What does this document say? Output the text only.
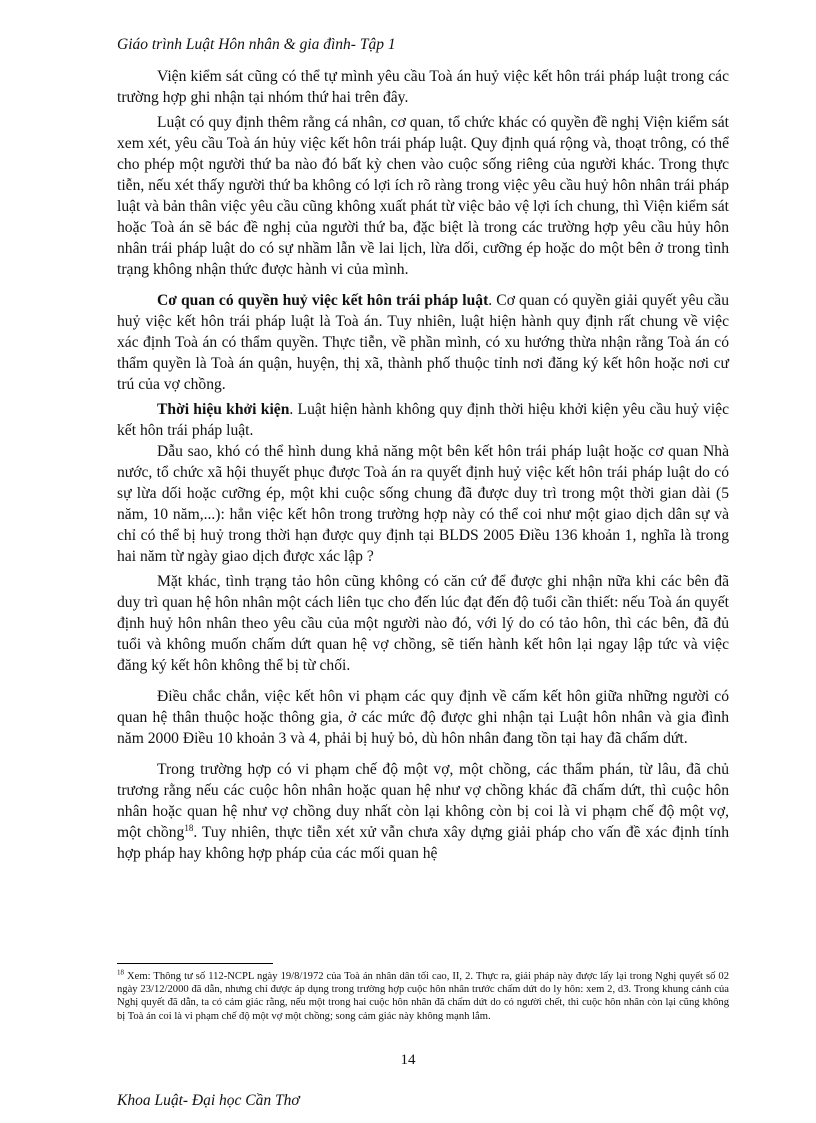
Giáo trình Luật Hôn nhân & gia đình- Tập 1

Viện kiểm sát cũng có thể tự mình yêu cầu Toà án huỷ việc kết hôn trái pháp luật trong các trường hợp ghi nhận tại nhóm thứ hai trên đây.

Luật có quy định thêm rằng cá nhân, cơ quan, tổ chức khác có quyền đề nghị Viện kiểm sát xem xét, yêu cầu Toà án hủy việc kết hôn trái pháp luật. Quy định quá rộng và, thoạt trông, có thể cho phép một người thứ ba nào đó bất kỳ chen vào cuộc sống riêng của người khác. Trong thực tiễn, nếu xét thấy người thứ ba không có lợi ích rõ ràng trong việc yêu cầu huỷ hôn nhân trái pháp luật và bản thân việc yêu cầu cũng không xuất phát từ việc bảo vệ lợi ích chung, thì Viện kiểm sát hoặc Toà án sẽ bác đề nghị của người thứ ba, đặc biệt là trong các trường hợp yêu cầu hủy hôn nhân trái pháp luật do có sự nhầm lẫn về lai lịch, lừa dối, cưỡng ép hoặc do một bên ở trong tình trạng không nhận thức được hành vi của mình.

Cơ quan có quyền huỷ việc kết hôn trái pháp luật. Cơ quan có quyền giải quyết yêu cầu huỷ việc kết hôn trái pháp luật là Toà án. Tuy nhiên, luật hiện hành quy định rất chung về việc xác định Toà án có thẩm quyền. Thực tiễn, về phần mình, có xu hướng thừa nhận rằng Toà án có thẩm quyền là Toà án quận, huyện, thị xã, thành phố thuộc tỉnh nơi đăng ký kết hôn hoặc nơi cư trú của vợ chồng.

Thời hiệu khởi kiện. Luật hiện hành không quy định thời hiệu khởi kiện yêu cầu huỷ việc kết hôn trái pháp luật.

Dẫu sao, khó có thể hình dung khả năng một bên kết hôn trái pháp luật hoặc cơ quan Nhà nước, tổ chức xã hội thuyết phục được Toà án ra quyết định huỷ việc kết hôn trái pháp luật do có sự lừa dối hoặc cưỡng ép, một khi cuộc sống chung đã được duy trì trong một thời gian dài (5 năm, 10 năm,...): hẳn việc kết hôn trong trường hợp này có thể coi như một giao dịch dân sự và chỉ có thể bị huỷ trong thời hạn được quy định tại BLDS 2005 Điều 136 khoản 1, nghĩa là trong hai năm từ ngày giao dịch được xác lập ?

Mặt khác, tình trạng tảo hôn cũng không có căn cứ để được ghi nhận nữa khi các bên đã duy trì quan hệ hôn nhân một cách liên tục cho đến lúc đạt đến độ tuổi cần thiết: nếu Toà án quyết định huỷ hôn nhân theo yêu cầu của một người nào đó, với lý do có tảo hôn, thì các bên, đã đủ tuổi và không muốn chấm dứt quan hệ vợ chồng, sẽ tiến hành kết hôn lại ngay lập tức và việc đăng ký kết hôn không thể bị từ chối.

Điều chắc chắn, việc kết hôn vi phạm các quy định về cấm kết hôn giữa những người có quan hệ thân thuộc hoặc thông gia, ở các mức độ được ghi nhận tại Luật hôn nhân và gia đình năm 2000 Điều 10 khoản 3 và 4, phải bị huỷ bỏ, dù hôn nhân đang tồn tại hay đã chấm dứt.

Trong trường hợp có vi phạm chế độ một vợ, một chồng, các thẩm phán, từ lâu, đã chủ trương rằng nếu các cuộc hôn nhân hoặc quan hệ như vợ chồng khác đã chấm dứt, thì cuộc hôn nhân hoặc quan hệ như vợ chồng duy nhất còn lại không còn bị coi là vi phạm chế độ một vợ, một chồng$^{18}$. Tuy nhiên, thực tiễn xét xử vẫn chưa xây dựng giải pháp cho vấn đề xác định tính hợp pháp hay không hợp pháp của các mối quan hệ

$^{18}$ Xem: Thông tư số 112-NCPL ngày 19/8/1972 của Toà án nhân dân tối cao, II, 2. Thực ra, giải pháp này được lấy lại trong Nghị quyết số 02 ngày 23/12/2000 đã dẫn, nhưng chỉ được áp dụng trong trường hợp cuộc hôn nhân trước chấm dứt do ly hôn: xem 2, d3. Trong khung cảnh của Nghị quyết đã dẫn, ta có cảm giác rằng, nếu một trong hai cuộc hôn nhân đã chấm dứt do có người chết, thì cuộc hôn nhân còn lại cũng không bị Toà án coi là vi phạm chế độ một vợ một chồng; song cảm giác này không mạnh lắm.
14
Khoa Luật- Đại học Cần Thơ
